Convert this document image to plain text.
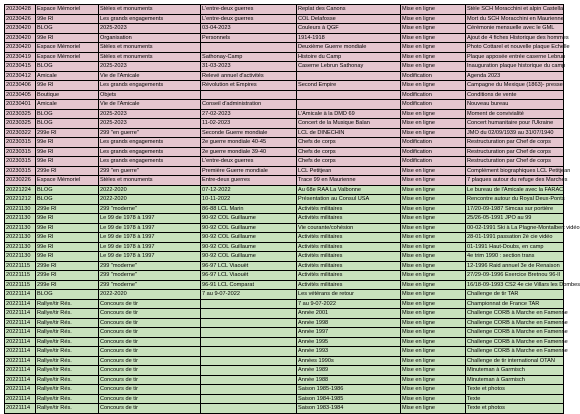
20230428	Espace Mémoriel	Stèles et monuments	L'entre-deux guerres	Replat des Canons	Mise en ligne	Stèle SCH Moracchini et alpin Castella
20230426	99e RI	Les grands engagements	L'entre-deux guerres	COL Delafosse	Mise en ligne	Mort du SCH Moracchini en Maurienne
20230420	BLOG	2025-2023	03-04-2023	Couleurs à QGF	Mise en ligne	Cérémonie mensuelle avec le GML
20230420	99e RI	Organisation	Personnels	1914-1918	Mise en ligne	Ajout de 4 fiches Historique des hommes
20230420	Espace Mémoriel	Stèles et monuments		Deuxième Guerre mondiale	Mise en ligne	Photo Cottarel et nouvelle plaque Echelle
20230419	Espace Mémoriel	Stèles et monuments	Sathonay-Camp	Histoire du Camp	Mise en ligne	Plaque apposée entrée caserne Lebrun
20230415	BLOG	2025-2023	31-03-2023	Caserne Lebrun Sathonay	Mise en ligne	Inauguration plaque historique du camp
20230412	Amicale	Vie de l'Amicale	Relevé annuel d'activités		Modification	Agenda 2023
20230406	99e RI	Les grands engagements	Révolution et Empires	Second Empire	Mise en ligne	Campagne du Mexique (1863)- presse
20230405	Boutique	Objets			Modification	Conditions de vente
20230401	Amicale	Vie de l'Amicale	Conseil d'administration		Modification	Nouveau bureau
20230325	BLOG	2025-2023	27-02-2023	L'Amicale à la DMD 69	Mise en ligne	Moment de convivialité
20230325	BLOG	2025-2023	11-02-2023	Concert de la Musique Balan	Mise en ligne	Concert humanitaire pour l'Ukraine
20230322	299e RI	299 "en guerre"	Seconde Guerre mondiale	LCL de DINECHIN	Mise en ligne	JMO du 02/09/1939 au 31/07/1940
20230315	99e RI	Les grands engagements	2e guerre mondiale 40-45	Chefs de corps	Modification	Restructuration par Chef de corps
20230315	99e RI	Les grands engagements	2e guerre mondiale 39-40	Chefs de corps	Modification	Restructuration par Chef de corps
20230315	99e RI	Les grands engagements	L'entre-deux guerres	Chefs de corps	Modification	Restructuration par Chef de corps
20230315	299e RI	299 "en guerre"	Première Guerre mondiale	LCL Petitjean	Mise en ligne	Complément biographiques LCL Petitjean
20230226	Espace Mémoriel	Stèles et monuments	Entre-deux guerres	Trace 99 en Maurienne	Mise en ligne	7 plaques autour du refuge des Marches
20221224	BLOG	2022-2020	07-12-2022	Au 68e RAA La Valbonne	Mise en ligne	Le bureau de l'Amicale avec la FARAC
20221212	BLOG	2022-2020	10-11-2022	Présentation au Consul USA	Mise en ligne	Rencontre autour du Royal Deux-Ponts
20221130	299e RI	299 "moderne"	86-88 LCL Marin	Activités militaires	Mise en ligne	17/20-09-1987 Simcas sur portière
20221130	99e RI	Le 99 de 1978 à 1997	90-92 COL Guillaume	Activités militaires	Mise en ligne	25/26-05-1991 JPO au 99
20221130	99e RI	Le 99 de 1978 à 1997	90-92 COL Guillaume	Vie courante/cohésion	Mise en ligne	00-02-1991 Ski à La Plagne-Montalbert vidéo
20221130	99e RI	Le 99 de 1978 à 1997	90-92 COL Guillaume	Activités militaires	Mise en ligne	28-01-1991 passation 2è cie vidéo
20221130	99e RI	Le 99 de 1978 à 1997	90-92 COL Guillaume	Activités militaires	Mise en ligne	01-1991 Haut-Doubs, en camp
20221130	99e RI	Le 99 de 1978 à 1997	90-92 COL Guillaume	Activités militaires	Mise en ligne	4e trim 1990 : section trans
20221115	299e RI	299 "moderne"	96-97 LCL Viaouët	Activités militaires	Mise en ligne	12-1996 Raid annuel 3e de Renaison
20221115	299e RI	299 "moderne"	96-97 LCL Viaouët	Activités militaires	Mise en ligne	27/29-09-1996 Exercice Bretnou 96-II
20221115	299e RI	299 "moderne"	96-91 LCL Comparat	Activités militaires	Mise en ligne	16/18-09-1993 CS2 4e cie Villars les Dombes
20221114	BLOG	2022-2020	7 au 9-07-2022	Les vétérans de retour	Mise en ligne	Challenge de tir TAR
20221114	Rallye/tir Rés.	Concours de tir		7 au 9-07-2022	Mise en ligne	Championnat de France TAR
20221114	Rallye/tir Rés.	Concours de tir		Année 2001	Mise en ligne	Challenge CORB à Marche en Famenne
20221114	Rallye/tir Rés.	Concours de tir		Année 1998	Mise en ligne	Challenge CORB à Marche en Famenne
20221114	Rallye/tir Rés.	Concours de tir		Année 1997	Mise en ligne	Challenge CORB à Marche en Famenne
20221114	Rallye/tir Rés.	Concours de tir		Année 1995	Mise en ligne	Challenge CORB à Marche en Famenne
20221114	Rallye/tir Rés.	Concours de tir		Année 1993	Mise en ligne	Challenge CORB à Marche en Famenne
20221114	Rallye/tir Rés.	Concours de tir		Années 1990s	Mise en ligne	Challenge de tir international OTAN
20221114	Rallye/tir Rés.	Concours de tir		Année 1989	Mise en ligne	Minuteman à Garmisch
20221114	Rallye/tir Rés.	Concours de tir		Année 1988	Mise en ligne	Minuteman à Garmisch
20221114	Rallye/tir Rés.	Concours de tir		Saison 1985-1986	Mise en ligne	Texte et photos
20221114	Rallye/tir Rés.	Concours de tir		Saison 1984-1985	Mise en ligne	Texte
20221114	Rallye/tir Rés.	Concours de tir		Saison 1983-1984	Mise en ligne	Texte et photos
